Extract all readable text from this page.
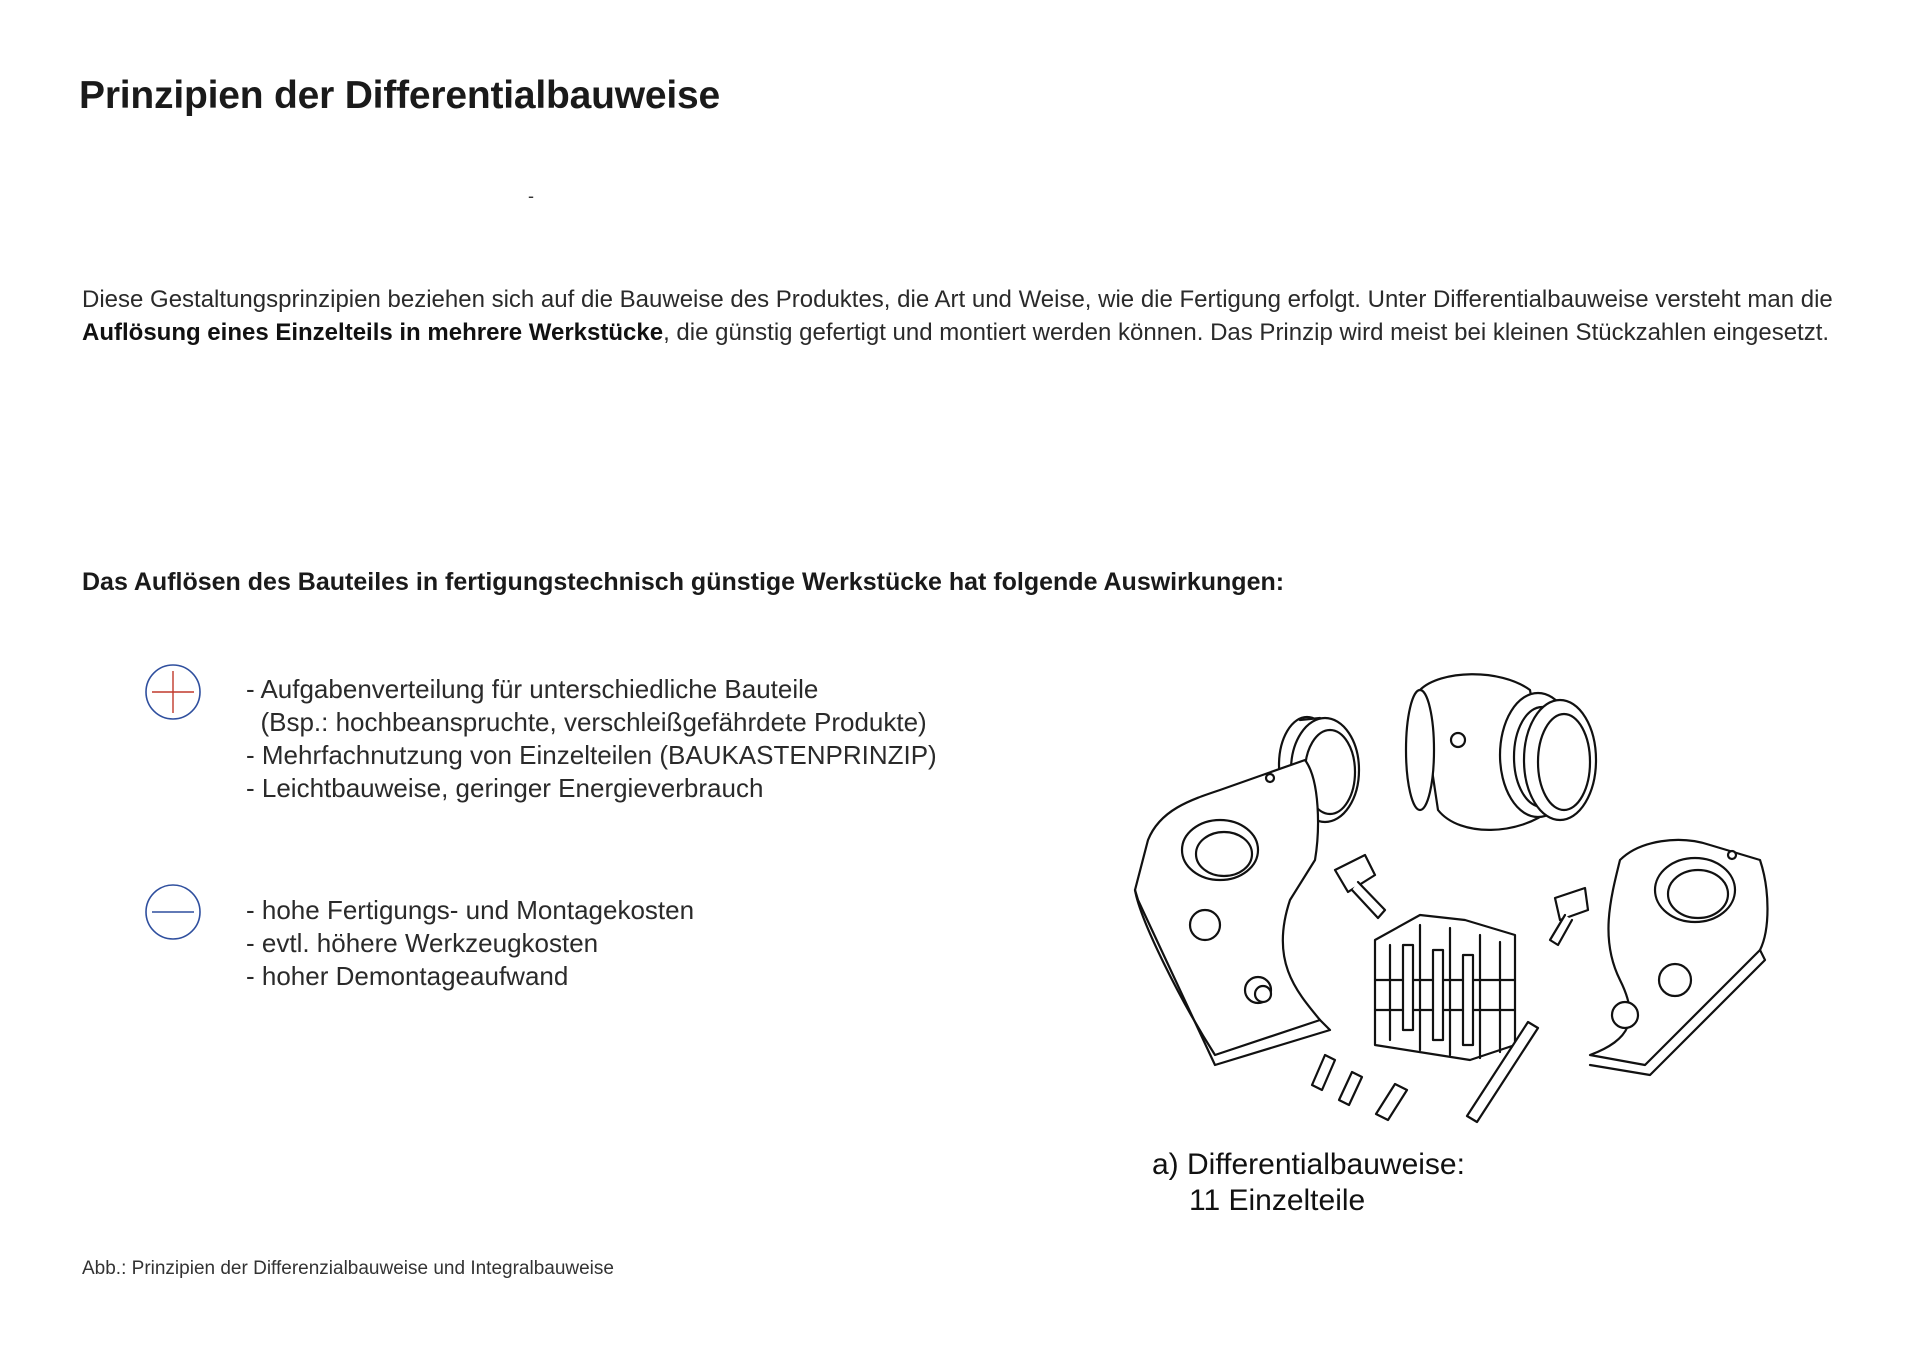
Prinzipien der Differentialbauweise
-

Diese Gestaltungsprinzipien beziehen sich auf die Bauweise des Produktes, die Art und Weise, wie die Fertigung erfolgt. Unter Differentialbauweise versteht man die Auflösung eines Einzelteils in mehrere Werkstücke, die günstig gefertigt und montiert werden können. Das Prinzip wird meist bei kleinen Stückzahlen eingesetzt.

Das Auflösen des Bauteiles in fertigungstechnisch günstige Werkstücke hat folgende Auswirkungen:
- Aufgabenverteilung für unterschiedliche Bauteile
(Bsp.: hochbeanspruchte, verschleißgefährdete Produkte)
- Mehrfachnutzung von Einzelteilen (BAUKASTENPRINZIP)
- Leichtbauweise, geringer Energieverbrauch
- hohe Fertigungs- und Montagekosten
- evtl. höhere Werkzeugkosten
- hoher Demontageaufwand
a) Differentialbauweise:
11 Einzelteile
Abb.: Prinzipien der Differenzialbauweise und Integralbauweise
